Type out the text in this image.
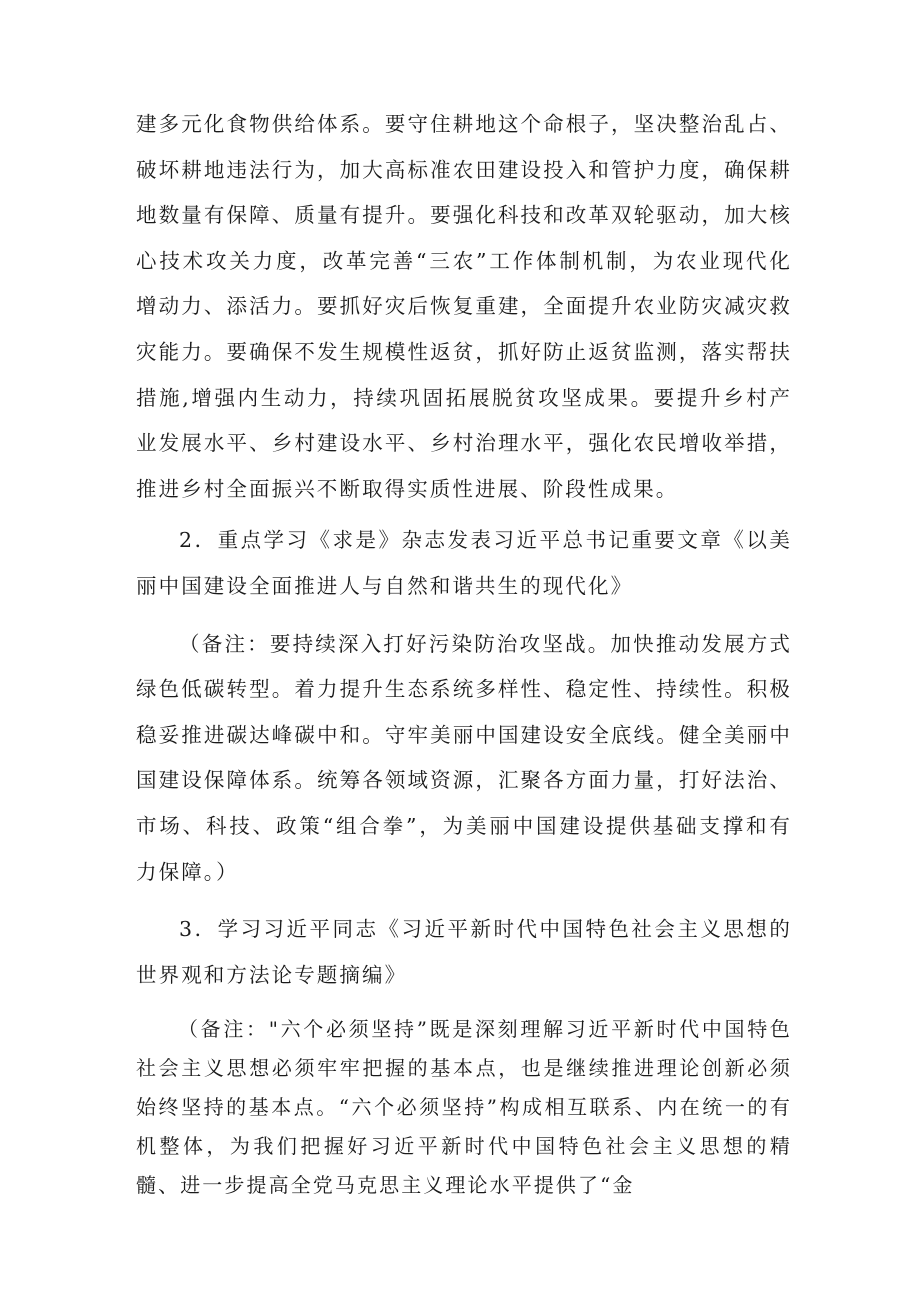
建多元化食物供给体系。要守住耕地这个命根子，坚决整治乱占、破坏耕地违法行为，加大高标准农田建设投入和管护力度，确保耕地数量有保障、质量有提升。要强化科技和改革双轮驱动，加大核心技术攻关力度，改革完善“三农”工作体制机制，为农业现代化增动力、添活力。要抓好灾后恢复重建，全面提升农业防灾减灾救灾能力。要确保不发生规模性返贫，抓好防止返贫监测，落实帮扶措施,增强内生动力，持续巩固拓展脱贫攻坚成果。要提升乡村产业发展水平、乡村建设水平、乡村治理水平，强化农民增收举措，推进乡村全面振兴不断取得实质性进展、阶段性成果。

2．重点学习《求是》杂志发表习近平总书记重要文章《以美丽中国建设全面推进人与自然和谐共生的现代化》

（备注：要持续深入打好污染防治攻坚战。加快推动发展方式绿色低碳转型。着力提升生态系统多样性、稳定性、持续性。积极稳妥推进碳达峰碳中和。守牢美丽中国建设安全底线。健全美丽中国建设保障体系。统筹各领域资源，汇聚各方面力量，打好法治、市场、科技、政策“组合拳”，为美丽中国建设提供基础支撑和有力保障。）

3．学习习近平同志《习近平新时代中国特色社会主义思想的世界观和方法论专题摘编》

（备注："六个必须坚持”既是深刻理解习近平新时代中国特色社会主义思想必须牢牢把握的基本点，也是继续推进理论创新必须始终坚持的基本点。“六个必须坚持”构成相互联系、内在统一的有机整体，为我们把握好习近平新时代中国特色社会主义思想的精髓、进一步提高全党马克思主义理论水平提供了“金
